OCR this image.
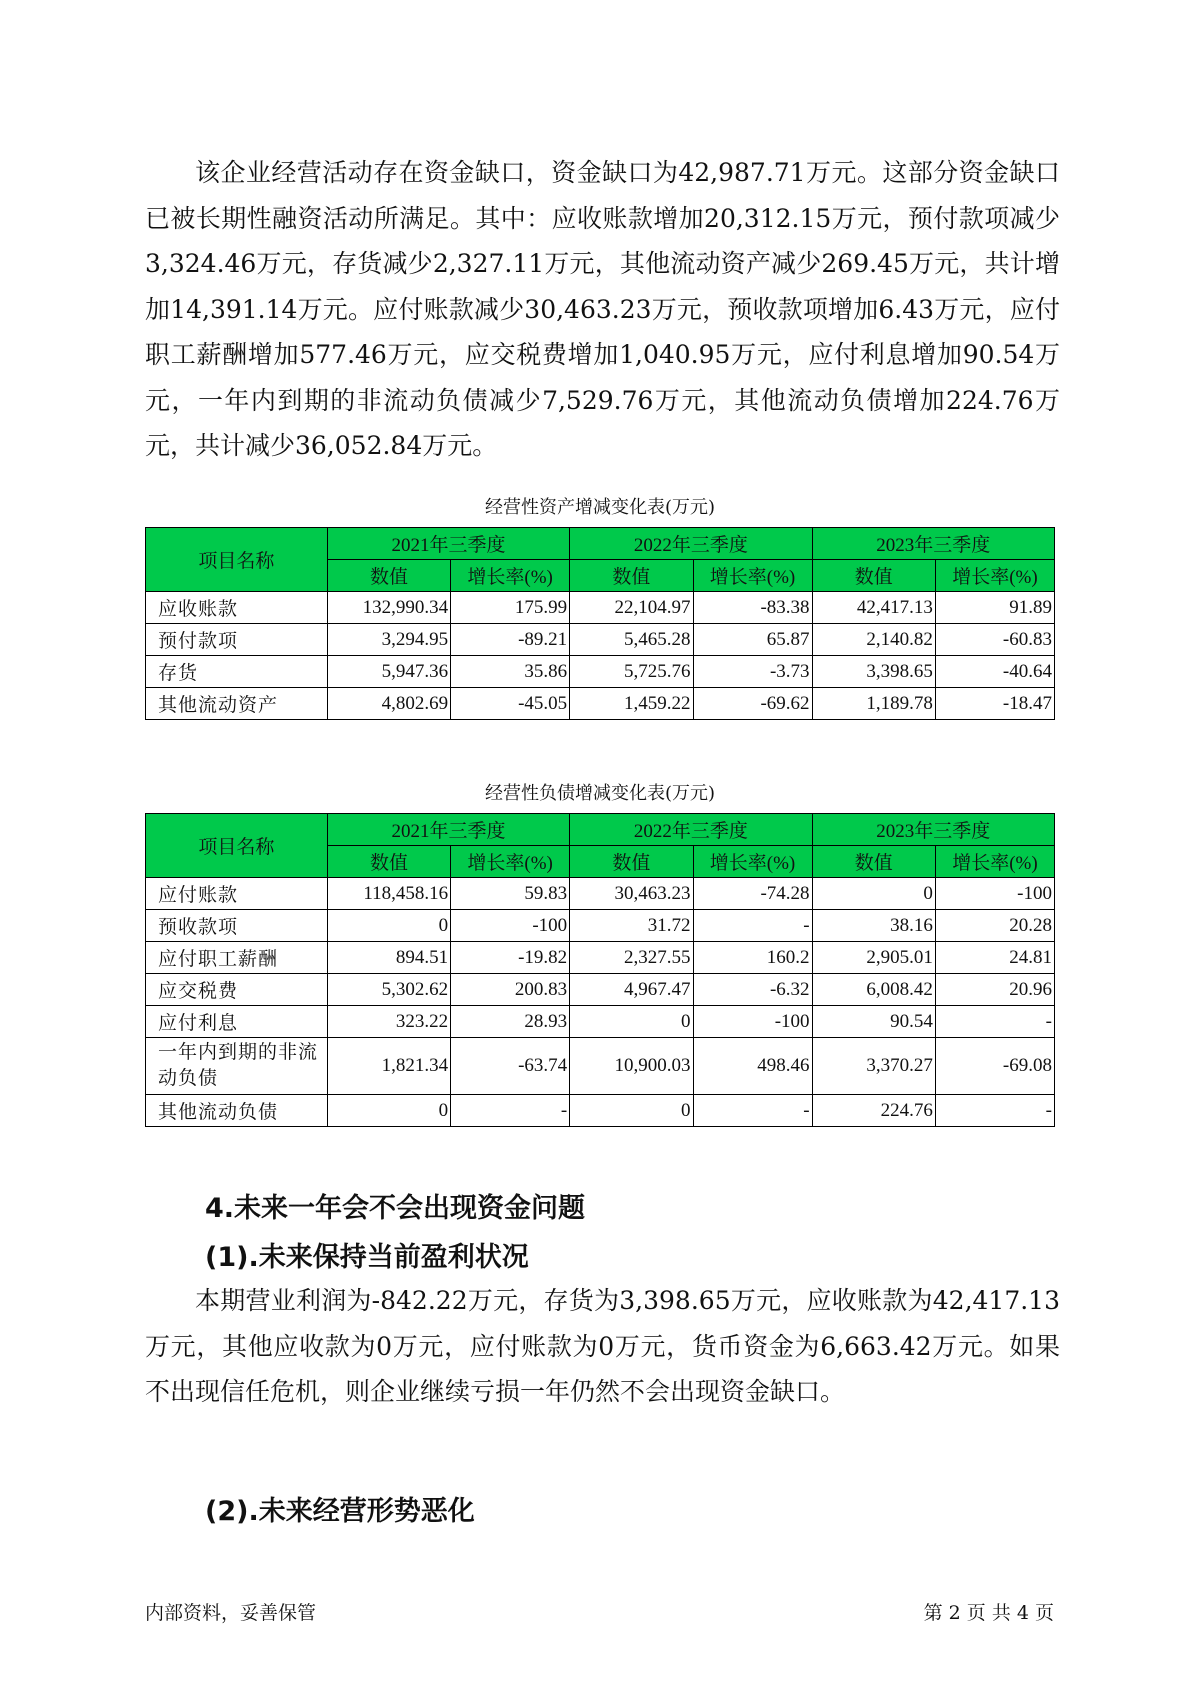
该企业经营活动存在资金缺口，资金缺口为42,987.71万元。这部分资金缺口已被长期性融资活动所满足。其中：应收账款增加20,312.15万元，预付款项减少3,324.46万元，存货减少2,327.11万元，其他流动资产减少269.45万元，共计增加14,391.14万元。应付账款减少30,463.23万元，预收款项增加6.43万元，应付职工薪酬增加577.46万元，应交税费增加1,040.95万元，应付利息增加90.54万元，一年内到期的非流动负债减少7,529.76万元，其他流动负债增加224.76万元，共计减少36,052.84万元。

经营性资产增减变化表(万元)
项目名称	2021年三季度		2022年三季度		2023年三季度	
	数值	增长率(%)	数值	增长率(%)	数值	增长率(%)
应收账款	132,990.34	175.99	22,104.97	-83.38	42,417.13	91.89
预付款项	3,294.95	-89.21	5,465.28	65.87	2,140.82	-60.83
存货	5,947.36	35.86	5,725.76	-3.73	3,398.65	-40.64
其他流动资产	4,802.69	-45.05	1,459.22	-69.62	1,189.78	-18.47
经营性负债增减变化表(万元)
项目名称	2021年三季度		2022年三季度		2023年三季度	
	数值	增长率(%)	数值	增长率(%)	数值	增长率(%)
应付账款	118,458.16	59.83	30,463.23	-74.28	0	-100
预收款项	0	-100	31.72	-	38.16	20.28
应付职工薪酬	894.51	-19.82	2,327.55	160.2	2,905.01	24.81
应交税费	5,302.62	200.83	4,967.47	-6.32	6,008.42	20.96
应付利息	323.22	28.93	0	-100	90.54	-
一年内到期的非流动负债	1,821.34	-63.74	10,900.03	498.46	3,370.27	-69.08
其他流动负债	0	-	0	-	224.76	-
4.未来一年会不会出现资金问题
(1).未来保持当前盈利状况

本期营业利润为-842.22万元，存货为3,398.65万元，应收账款为42,417.13万元，其他应收款为0万元，应付账款为0万元，货币资金为6,663.42万元。如果不出现信任危机，则企业继续亏损一年仍然不会出现资金缺口。

(2).未来经营形势恶化
内部资料，妥善保管	第 2 页 共 4 页
